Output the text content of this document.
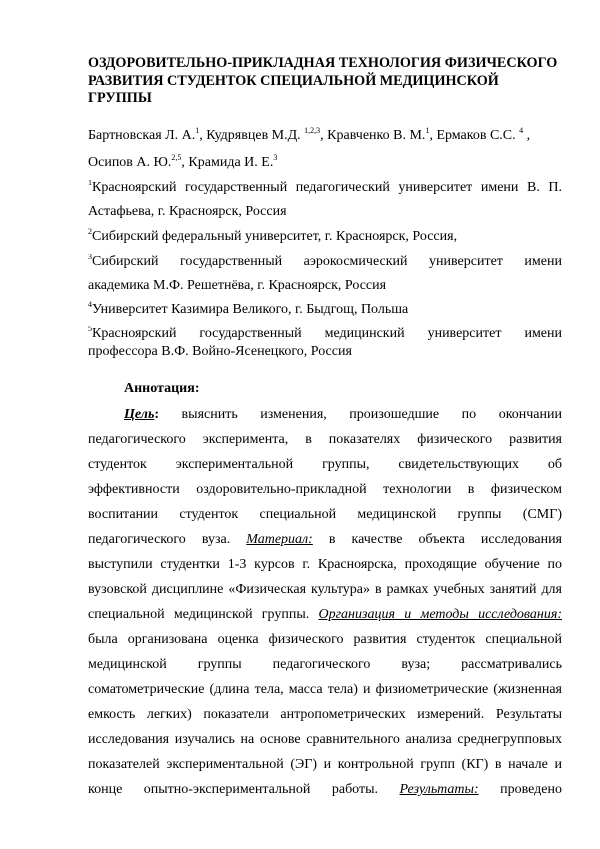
ОЗДОРОВИТЕЛЬНО-ПРИКЛАДНАЯ ТЕХНОЛОГИЯ ФИЗИЧЕСКОГО РАЗВИТИЯ СТУДЕНТОК СПЕЦИАЛЬНОЙ МЕДИЦИНСКОЙ ГРУППЫ
Бартновская Л. А.$^1$, Кудрявцев М.Д. $^{1,2,3}$, Кравченко В. М.$^1$, Ермаков С.С. $^4$ ,
Осипов А. Ю.$^{2,5}$, Крамида И. Е.$^3$
$^1$Красноярский государственный педагогический университет имени В. П.
Астафьева, г. Красноярск, Россия
$^2$Сибирский федеральный университет, г. Красноярск, Россия,
$^3$Сибирский государственный аэрокосмический университет имени
академика М.Ф. Решетнёва, г. Красноярск, Россия
$^4$Университет Казимира Великого, г. Быдгощ, Польша
$^5$Красноярский государственный медицинский университет имени
профессора В.Ф. Войно-Ясенецкого, Россия
Аннотация:
Цель: выяснить изменения, произошедшие по окончании
педагогического эксперимента, в показателях физического развития
студенток экспериментальной группы, свидетельствующих об
эффективности оздоровительно-прикладной технологии в физическом
воспитании студенток специальной медицинской группы (СМГ)
педагогического вуза. Материал: в качестве объекта исследования
выступили студентки 1-3 курсов г. Красноярска, проходящие обучение по
вузовской дисциплине «Физическая культура» в рамках учебных занятий для
специальной медицинской группы. Организация и методы исследования:
была организована оценка физического развития студенток специальной
медицинской группы педагогического вуза; рассматривались
соматометрические (длина тела, масса тела) и физиометрические (жизненная
емкость легких) показатели антропометрических измерений. Результаты
исследования изучались на основе сравнительного анализа среднегрупповых
показателей экспериментальной (ЭГ) и контрольной групп (КГ) в начале и
конце опытно-экспериментальной работы. Результаты: проведено
